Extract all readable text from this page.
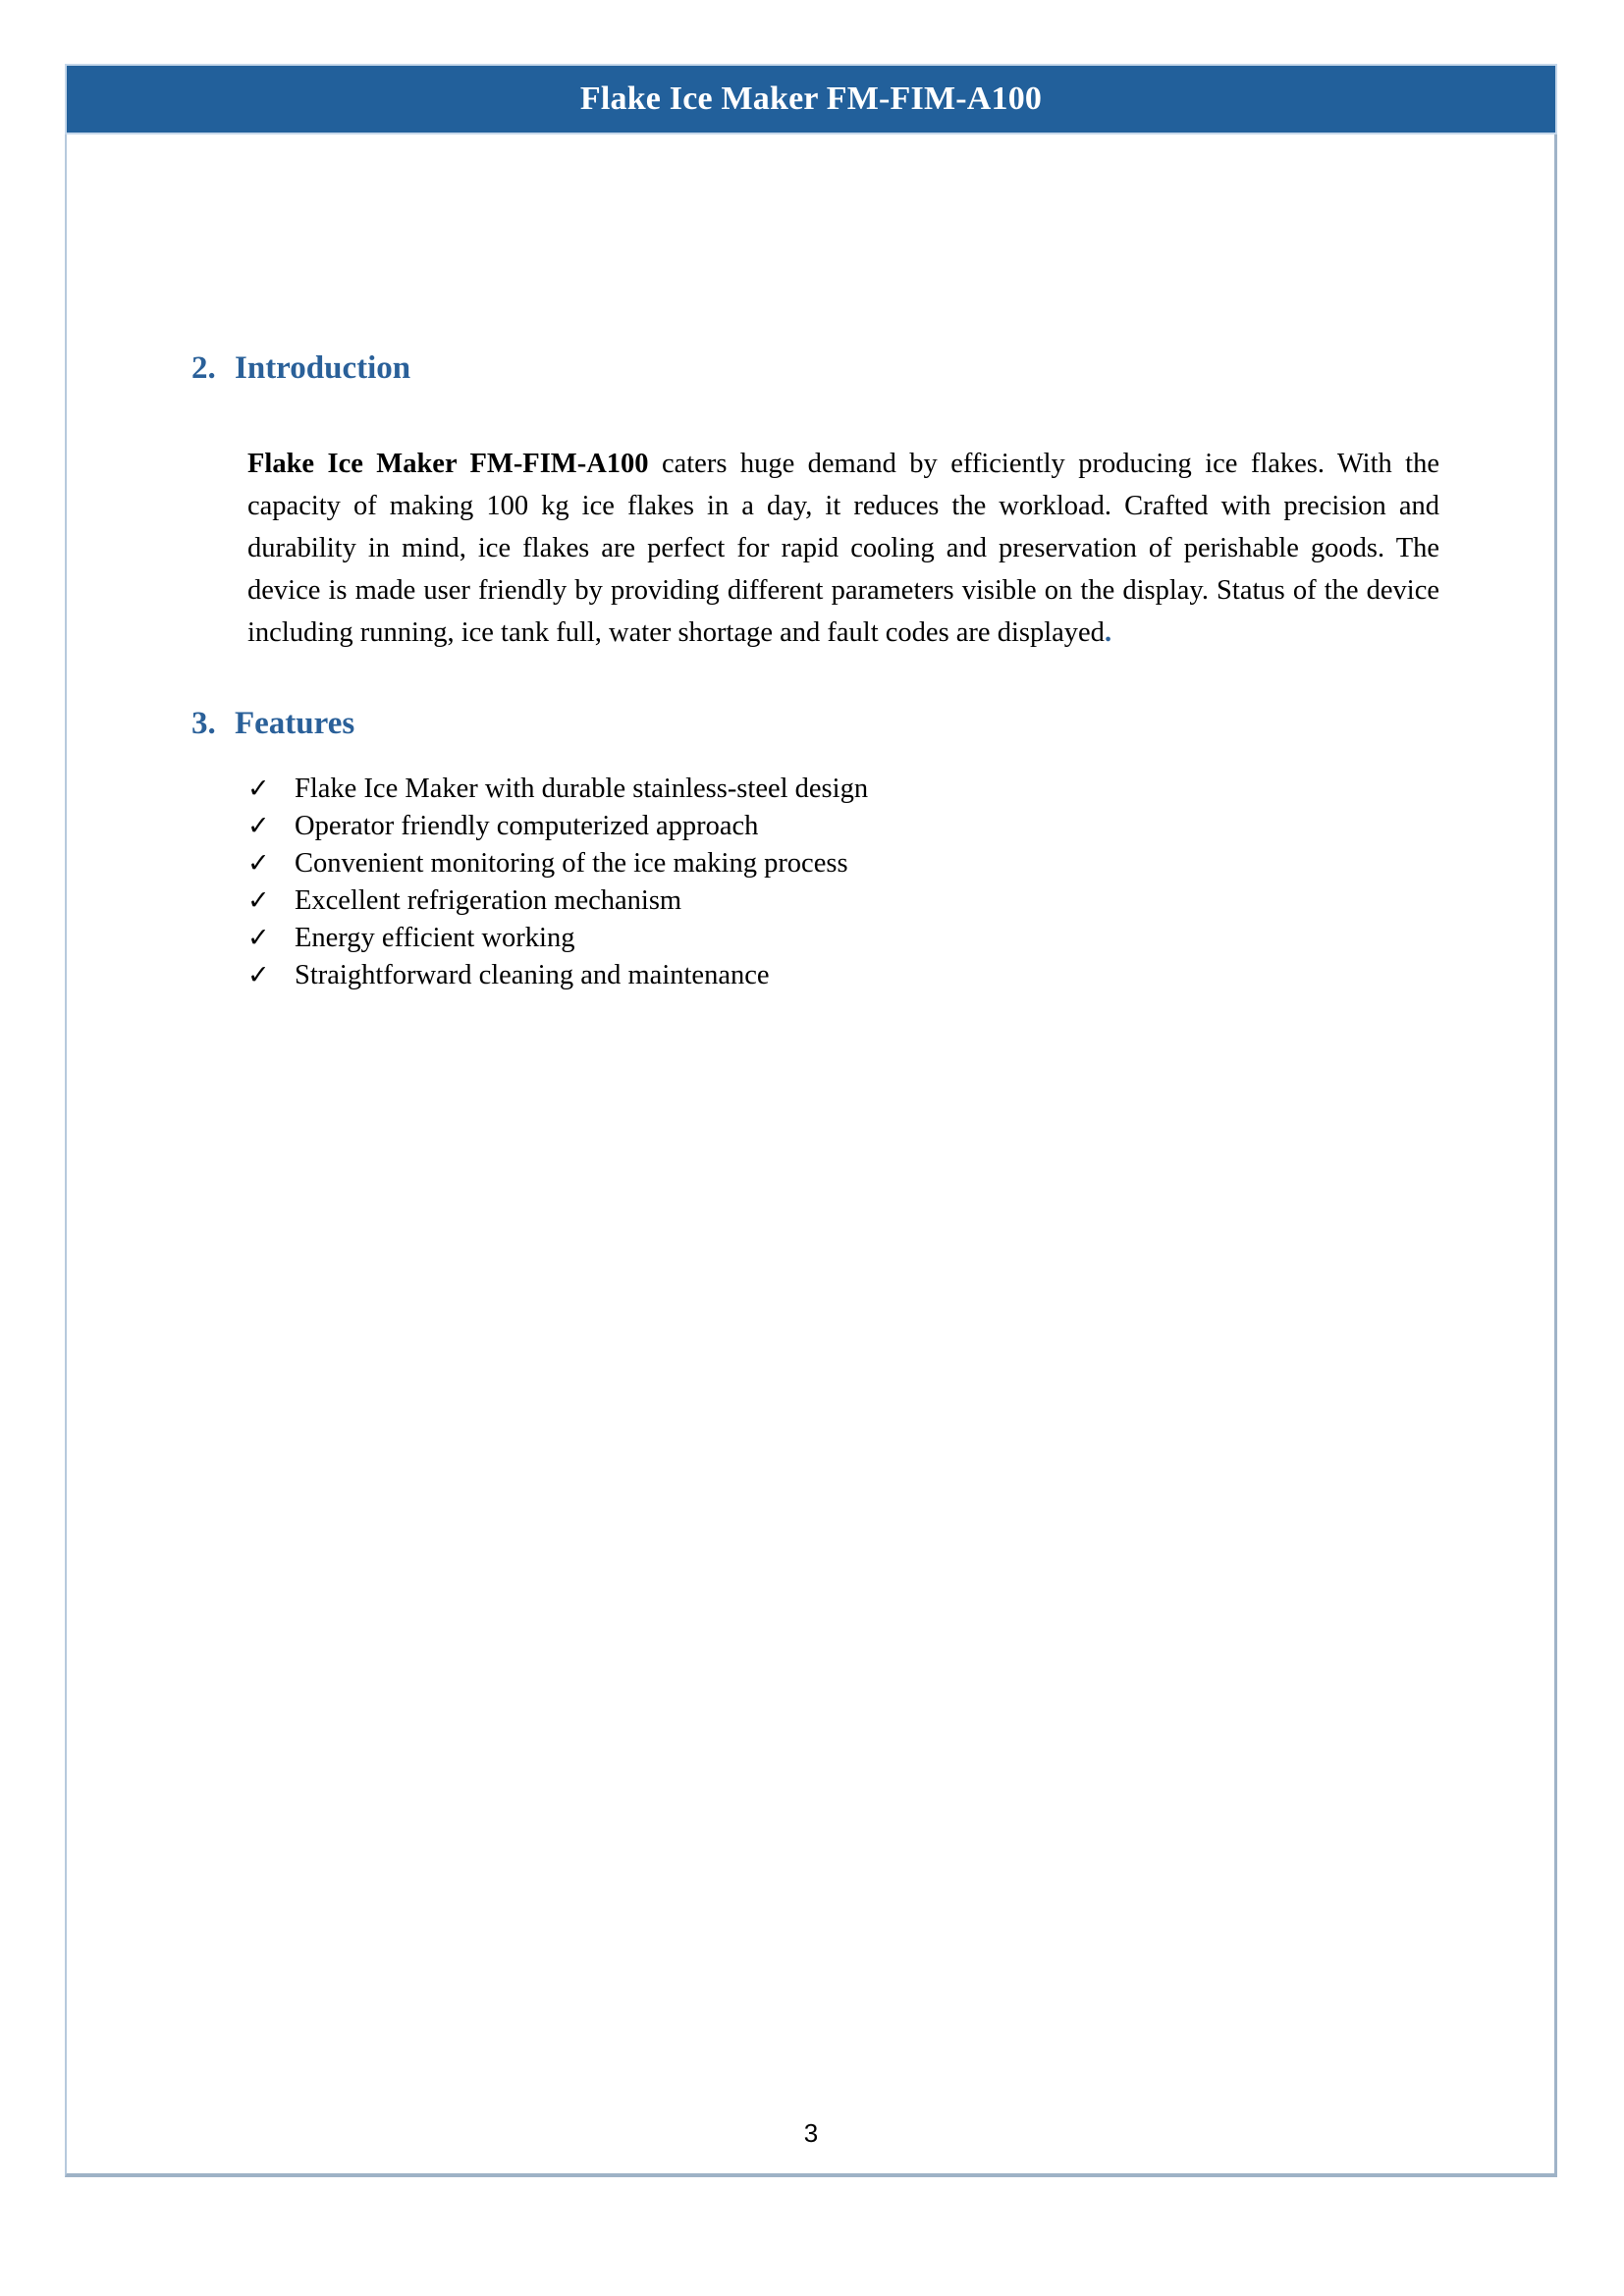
Flake Ice Maker FM-FIM-A100
2. Introduction

Flake Ice Maker FM-FIM-A100 caters huge demand by efficiently producing ice flakes. With the capacity of making 100 kg ice flakes in a day, it reduces the workload. Crafted with precision and durability in mind, ice flakes are perfect for rapid cooling and preservation of perishable goods. The device is made user friendly by providing different parameters visible on the display. Status of the device including running, ice tank full, water shortage and fault codes are displayed.

3. Features
✓ Flake Ice Maker with durable stainless-steel design
✓ Operator friendly computerized approach
✓ Convenient monitoring of the ice making process
✓ Excellent refrigeration mechanism
✓ Energy efficient working
✓ Straightforward cleaning and maintenance
3
